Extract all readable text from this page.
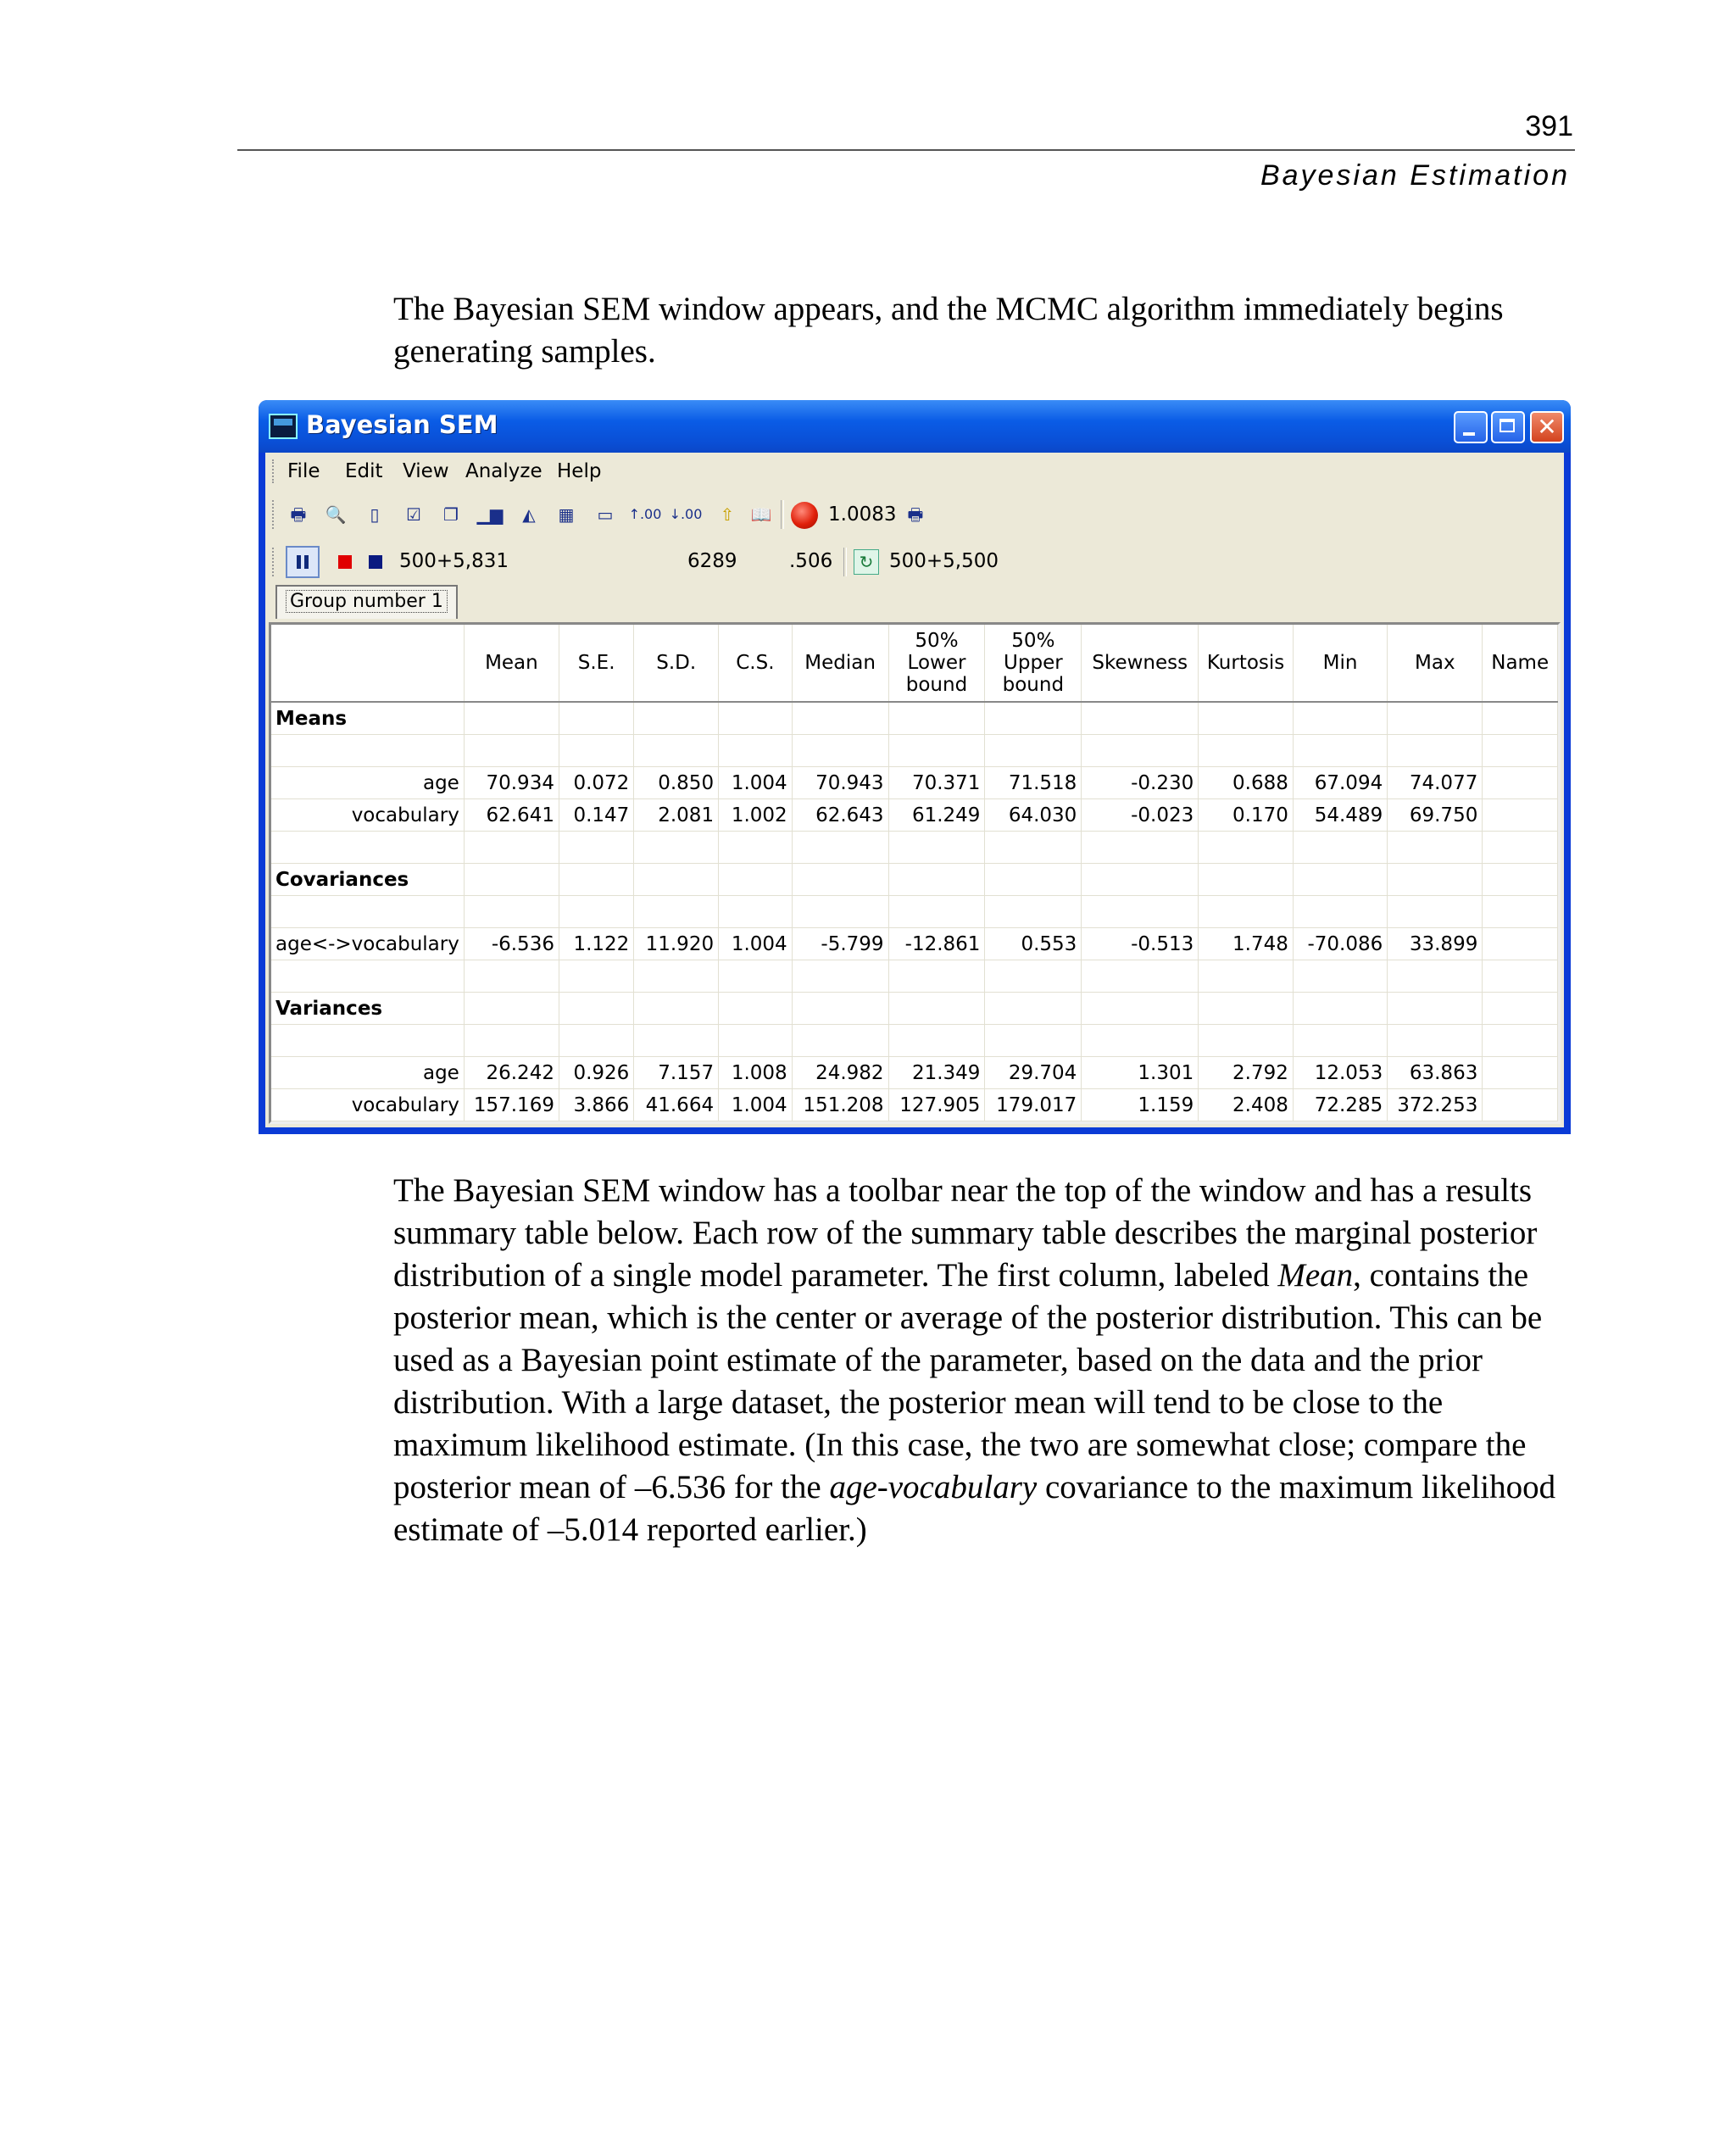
391
Bayesian Estimation

The Bayesian SEM window appears, and the MCMC algorithm immediately begins generating samples.

Bayesian SEM	✕
File Edit View Analyze Help
🖶	🔍	▯	☑	❐	▁▆	◭	▦	▭	↑.00 ↓.00	⇧ 📖	1.0083 🖶
500+5,831	6289	.506	↻ 500+5,500
Group number 1
	Mean	S.E.	S.D.	C.S.	Median	50% Lower bound	50% Upper bound	Skewness	Kurtosis	Min	Max	Name
Means												

age	70.934	0.072	0.850	1.004	70.943	70.371	71.518	-0.230	0.688	67.094	74.077	
vocabulary	62.641	0.147	2.081	1.002	62.643	61.249	64.030	-0.023	0.170	54.489	69.750	

Covariances												

age<->vocabulary	-6.536	1.122	11.920	1.004	-5.799	-12.861	0.553	-0.513	1.748	-70.086	33.899	

Variances												

age	26.242	0.926	7.157	1.008	24.982	21.349	29.704	1.301	2.792	12.053	63.863	
vocabulary	157.169	3.866	41.664	1.004	151.208	127.905	179.017	1.159	2.408	72.285	372.253	

The Bayesian SEM window has a toolbar near the top of the window and has a results summary table below. Each row of the summary table describes the marginal posterior distribution of a single model parameter. The first column, labeled Mean, contains the posterior mean, which is the center or average of the posterior distribution. This can be used as a Bayesian point estimate of the parameter, based on the data and the prior distribution. With a large dataset, the posterior mean will tend to be close to the maximum likelihood estimate. (In this case, the two are somewhat close; compare the posterior mean of –6.536 for the age-vocabulary covariance to the maximum likelihood estimate of –5.014 reported earlier.)
